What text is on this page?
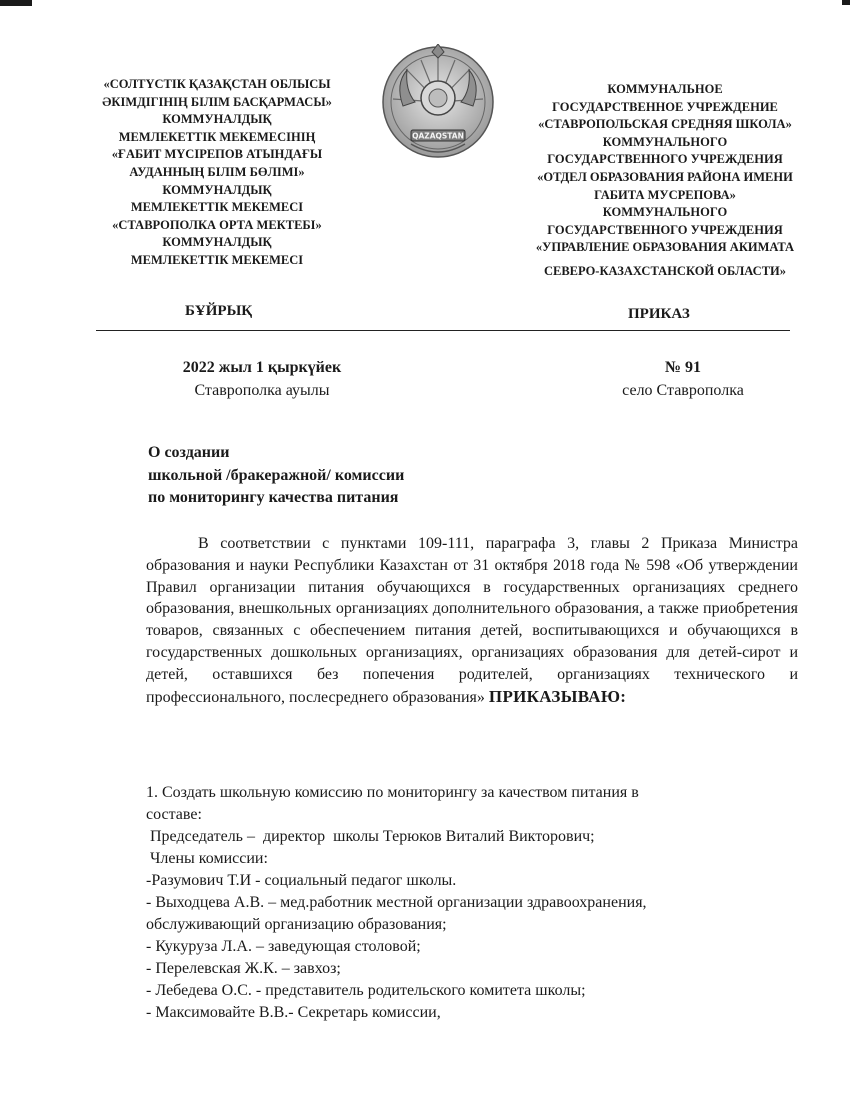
«СОЛТҮСТІК ҚАЗАҚСТАН ОБЛЫСЫ
ӘКІМДІГІНІҢ БІЛІМ БАСҚАРМАСЫ»
КОММУНАЛДЫҚ
МЕМЛЕКЕТТІК МЕКЕМЕСІНІҢ
«ҒАБИТ МҮСІРЕПОВ АТЫНДАҒЫ
АУДАННЫҢ БІЛІМ БӨЛІМІ»
КОММУНАЛДЫҚ
МЕМЛЕКЕТТІК МЕКЕМЕСІ
«СТАВРОПОЛКА ОРТА МЕКТЕБІ»
КОММУНАЛДЫҚ
МЕМЛЕКЕТТІК МЕКЕМЕСІ
QAZAQSTAN
КОММУНАЛЬНОЕ
ГОСУДАРСТВЕННОЕ УЧРЕЖДЕНИЕ
«СТАВРОПОЛЬСКАЯ СРЕДНЯЯ ШКОЛА»
КОММУНАЛЬНОГО
ГОСУДАРСТВЕННОГО УЧРЕЖДЕНИЯ
«ОТДЕЛ ОБРАЗОВАНИЯ РАЙОНА ИМЕНИ
ГАБИТА МУСРЕПОВА»
КОММУНАЛЬНОГО
ГОСУДАРСТВЕННОГО УЧРЕЖДЕНИЯ
«УПРАВЛЕНИЕ ОБРАЗОВАНИЯ АКИМАТА
СЕВЕРО-КАЗАХСТАНСКОЙ ОБЛАСТИ»
БҰЙРЫҚ	ПРИКАЗ
2022 жыл 1 қыркүйек
Ставрополка ауылы
№ 91
село Ставрополка
О создании
школьной /бракеражной/ комиссии
по мониторингу качества питания
В соответствии с пунктами 109-111, параграфа 3, главы 2 Приказа Министра образования и науки Республики Казахстан от 31 октября 2018 года № 598 «Об утверждении Правил организации питания обучающихся в государственных организациях среднего образования, внешкольных организациях дополнительного образования, а также приобретения товаров, связанных с обеспечением питания детей, воспитывающихся и обучающихся в государственных дошкольных организациях, организациях образования для детей-сирот и детей, оставшихся без попечения родителей, организациях технического и профессионального, послесреднего образования» ПРИКАЗЫВАЮ:
1. Создать школьную комиссию по мониторингу за качеством питания в
составе:
Председатель –  директор  школы Терюков Виталий Викторович;
Члены комиссии:
-Разумович Т.И - социальный педагог школы.
- Выходцева А.В. – мед.работник местной организации здравоохранения,
обслуживающий организацию образования;
- Кукуруза Л.А. – заведующая столовой;
- Перелевская Ж.К. – завхоз;
- Лебедева О.С. - представитель родительского комитета школы;
- Максимовайте В.В.- Секретарь комиссии,
